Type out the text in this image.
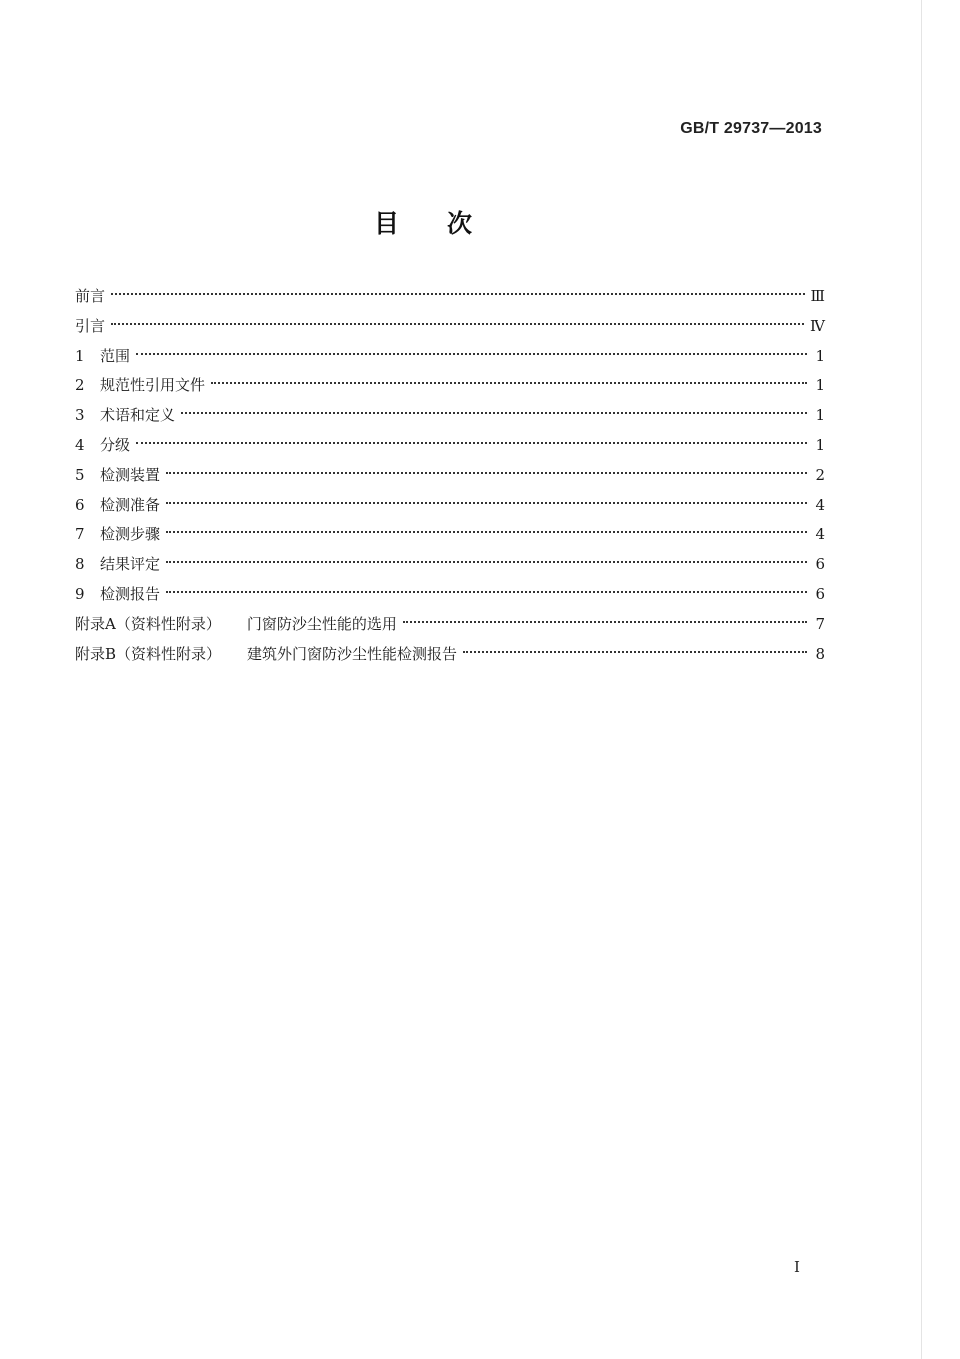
GB/T 29737—2013
目次
前言	Ⅲ
引言	Ⅳ
1	范围	1
2	规范性引用文件	1
3	术语和定义	1
4	分级	1
5	检测装置	2
6	检测准备	4
7	检测步骤	4
8	结果评定	6
9	检测报告	6
附录A（资料性附录） 门窗防沙尘性能的选用	7
附录B（资料性附录） 建筑外门窗防沙尘性能检测报告	8
I
